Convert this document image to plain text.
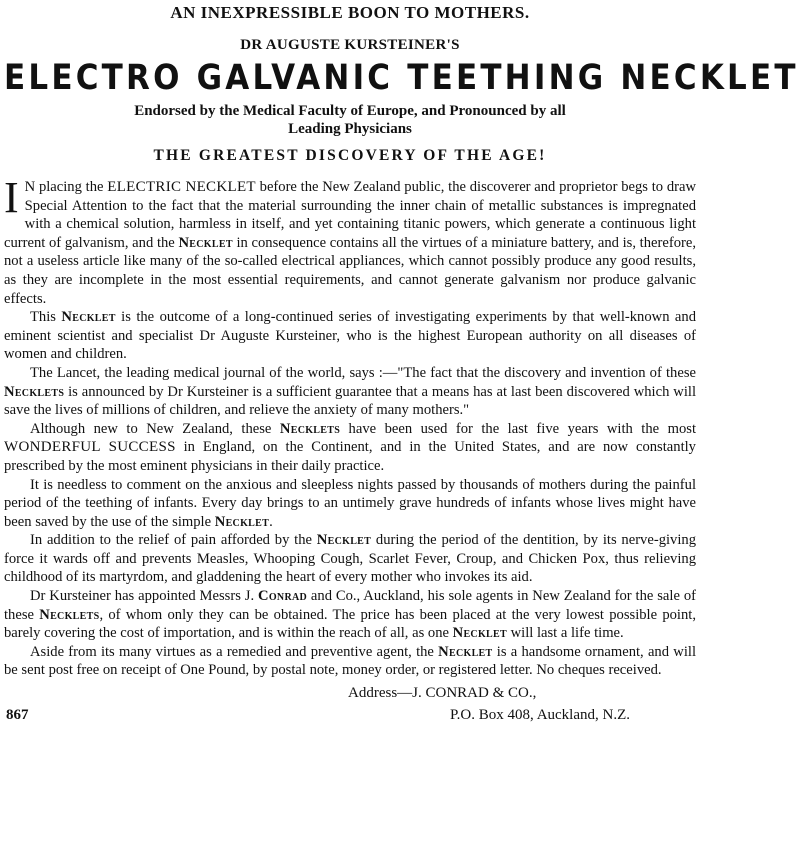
AN INEXPRESSIBLE BOON TO MOTHERS.
DR AUGUSTE KURSTEINER'S
ELECTRO GALVANIC TEETHING NECKLET
Endorsed by the Medical Faculty of Europe, and Pronounced by all
Leading Physicians
THE GREATEST DISCOVERY OF THE AGE!

I N placing the ELECTRIC NECKLET before the New Zealand public, the discoverer and proprietor begs to draw Special Attention to the fact that the material surrounding the inner chain of metallic substances is impregnated with a chemical solution, harmless in itself, and yet containing titanic powers, which generate a continuous light current of galvanism, and the Necklet in consequence contains all the virtues of a miniature battery, and is, therefore, not a useless article like many of the so-called electrical appliances, which cannot possibly produce any good results, as they are incomplete in the most essential requirements, and cannot generate galvanism nor produce galvanic effects.

This Necklet is the outcome of a long-continued series of investigating experiments by that well-known and eminent scientist and specialist Dr Auguste Kursteiner, who is the highest European authority on all diseases of women and children.

The Lancet, the leading medical journal of the world, says :—"The fact that the discovery and invention of these Necklets is announced by Dr Kursteiner is a sufficient guarantee that a means has at last been discovered which will save the lives of millions of children, and relieve the anxiety of many mothers."

Although new to New Zealand, these Necklets have been used for the last five years with the most WONDERFUL SUCCESS in England, on the Continent, and in the United States, and are now constantly prescribed by the most eminent physicians in their daily practice.

It is needless to comment on the anxious and sleepless nights passed by thousands of mothers during the painful period of the teething of infants. Every day brings to an untimely grave hundreds of infants whose lives might have been saved by the use of the simple Necklet.

In addition to the relief of pain afforded by the Necklet during the period of the dentition, by its nerve-giving force it wards off and prevents Measles, Whooping Cough, Scarlet Fever, Croup, and Chicken Pox, thus relieving childhood of its martyrdom, and gladdening the heart of every mother who invokes its aid.

Dr Kursteiner has appointed Messrs J. Conrad and Co., Auckland, his sole agents in New Zealand for the sale of these Necklets, of whom only they can be obtained. The price has been placed at the very lowest possible point, barely covering the cost of importation, and is within the reach of all, as one Necklet will last a life time.

Aside from its many virtues as a remedied and preventive agent, the Necklet is a handsome ornament, and will be sent post free on receipt of One Pound, by postal note, money order, or registered letter. No cheques received.

Address—J. CONRAD & CO.,
867	P.O. Box 408, Auckland, N.Z.
